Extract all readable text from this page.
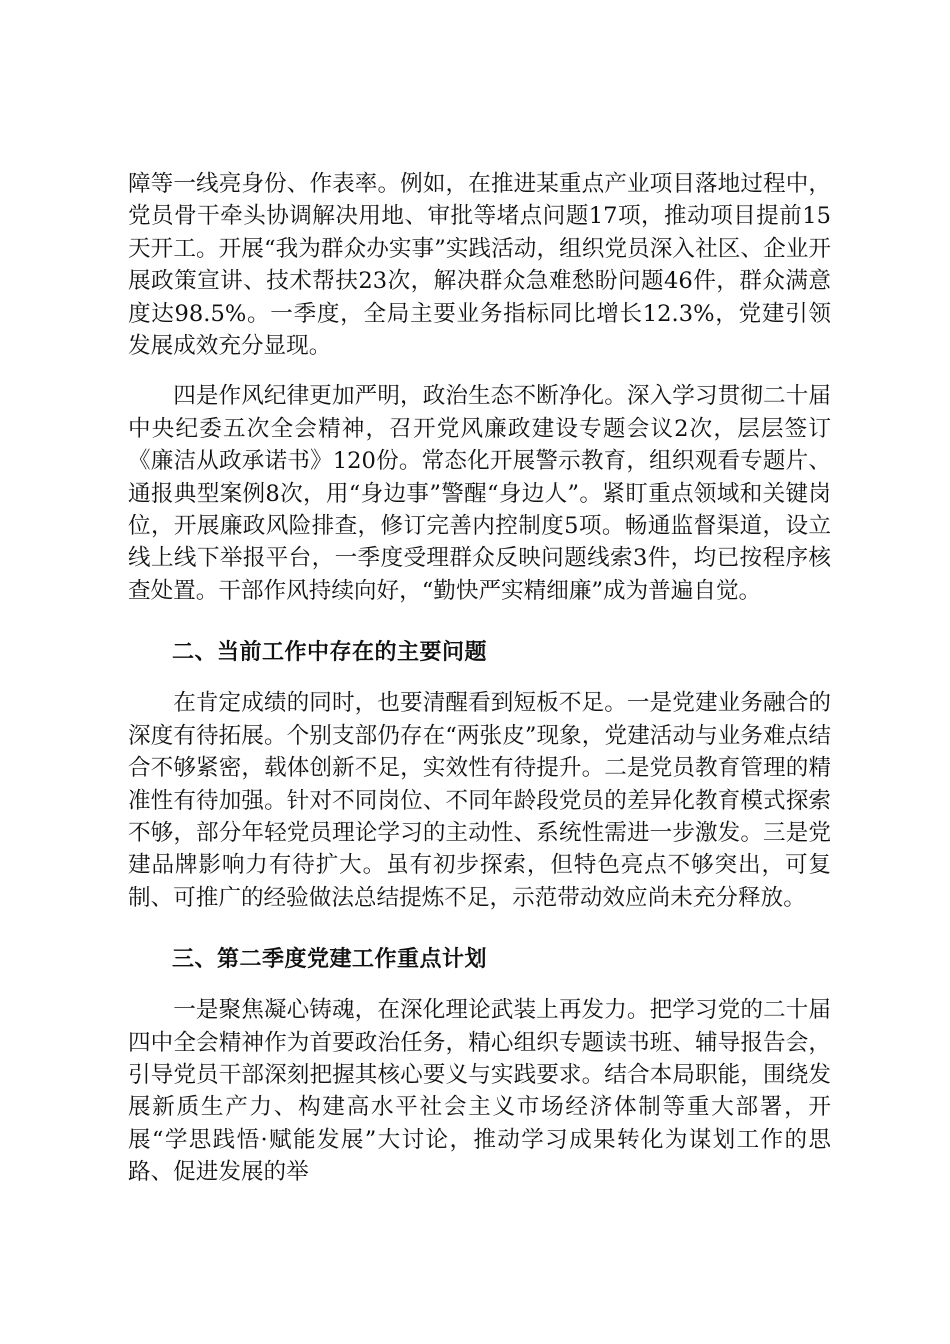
障等一线亮身份、作表率。例如，在推进某重点产业项目落地过程中，党员骨干牵头协调解决用地、审批等堵点问题17项，推动项目提前15天开工。开展“我为群众办实事”实践活动，组织党员深入社区、企业开展政策宣讲、技术帮扶23次，解决群众急难愁盼问题46件，群众满意度达98.5%。一季度，全局主要业务指标同比增长12.3%，党建引领发展成效充分显现。

四是作风纪律更加严明，政治生态不断净化。深入学习贯彻二十届中央纪委五次全会精神，召开党风廉政建设专题会议2次，层层签订《廉洁从政承诺书》120份。常态化开展警示教育，组织观看专题片、通报典型案例8次，用“身边事”警醒“身边人”。紧盯重点领域和关键岗位，开展廉政风险排查，修订完善内控制度5项。畅通监督渠道，设立线上线下举报平台，一季度受理群众反映问题线索3件，均已按程序核查处置。干部作风持续向好，“勤快严实精细廉”成为普遍自觉。

二、当前工作中存在的主要问题

在肯定成绩的同时，也要清醒看到短板不足。一是党建业务融合的深度有待拓展。个别支部仍存在“两张皮”现象，党建活动与业务难点结合不够紧密，载体创新不足，实效性有待提升。二是党员教育管理的精准性有待加强。针对不同岗位、不同年龄段党员的差异化教育模式探索不够，部分年轻党员理论学习的主动性、系统性需进一步激发。三是党建品牌影响力有待扩大。虽有初步探索，但特色亮点不够突出，可复制、可推广的经验做法总结提炼不足，示范带动效应尚未充分释放。

三、第二季度党建工作重点计划

一是聚焦凝心铸魂，在深化理论武装上再发力。把学习党的二十届四中全会精神作为首要政治任务，精心组织专题读书班、辅导报告会，引导党员干部深刻把握其核心要义与实践要求。结合本局职能，围绕发展新质生产力、构建高水平社会主义市场经济体制等重大部署，开展“学思践悟·赋能发展”大讨论，推动学习成果转化为谋划工作的思路、促进发展的举
